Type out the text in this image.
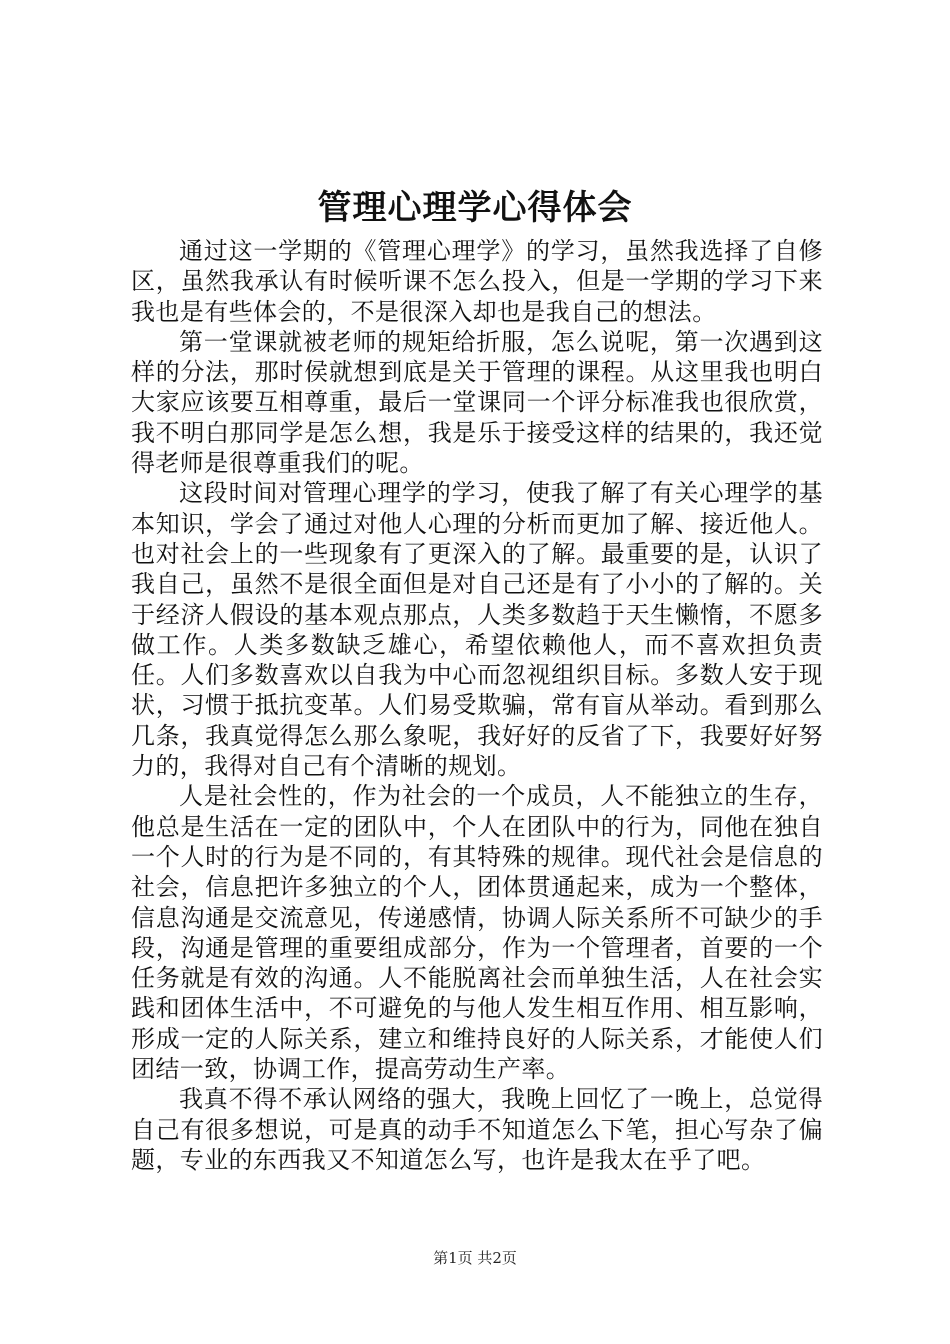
管理心理学心得体会

通过这一学期的《管理心理学》的学习，虽然我选择了自修区，虽然我承认有时候听课不怎么投入，但是一学期的学习下来我也是有些体会的，不是很深入却也是我自己的想法。

第一堂课就被老师的规矩给折服，怎么说呢，第一次遇到这样的分法，那时侯就想到底是关于管理的课程。从这里我也明白大家应该要互相尊重，最后一堂课同一个评分标准我也很欣赏，我不明白那同学是怎么想，我是乐于接受这样的结果的，我还觉得老师是很尊重我们的呢。

这段时间对管理心理学的学习，使我了解了有关心理学的基本知识，学会了通过对他人心理的分析而更加了解、接近他人。也对社会上的一些现象有了更深入的了解。最重要的是，认识了我自己，虽然不是很全面但是对自己还是有了小小的了解的。关于经济人假设的基本观点那点，人类多数趋于天生懒惰，不愿多做工作。人类多数缺乏雄心，希望依赖他人，而不喜欢担负责任。人们多数喜欢以自我为中心而忽视组织目标。多数人安于现状，习惯于抵抗变革。人们易受欺骗，常有盲从举动。看到那么几条，我真觉得怎么那么象呢，我好好的反省了下，我要好好努力的，我得对自己有个清晰的规划。

人是社会性的，作为社会的一个成员，人不能独立的生存，他总是生活在一定的团队中，个人在团队中的行为，同他在独自一个人时的行为是不同的，有其特殊的规律。现代社会是信息的社会，信息把许多独立的个人，团体贯通起来，成为一个整体，信息沟通是交流意见，传递感情，协调人际关系所不可缺少的手段，沟通是管理的重要组成部分，作为一个管理者，首要的一个任务就是有效的沟通。人不能脱离社会而单独生活，人在社会实践和团体生活中，不可避免的与他人发生相互作用、相互影响，形成一定的人际关系，建立和维持良好的人际关系，才能使人们团结一致，协调工作，提高劳动生产率。

我真不得不承认网络的强大，我晚上回忆了一晚上，总觉得自己有很多想说，可是真的动手不知道怎么下笔，担心写杂了偏题，专业的东西我又不知道怎么写，也许是我太在乎了吧。

第1页 共2页
